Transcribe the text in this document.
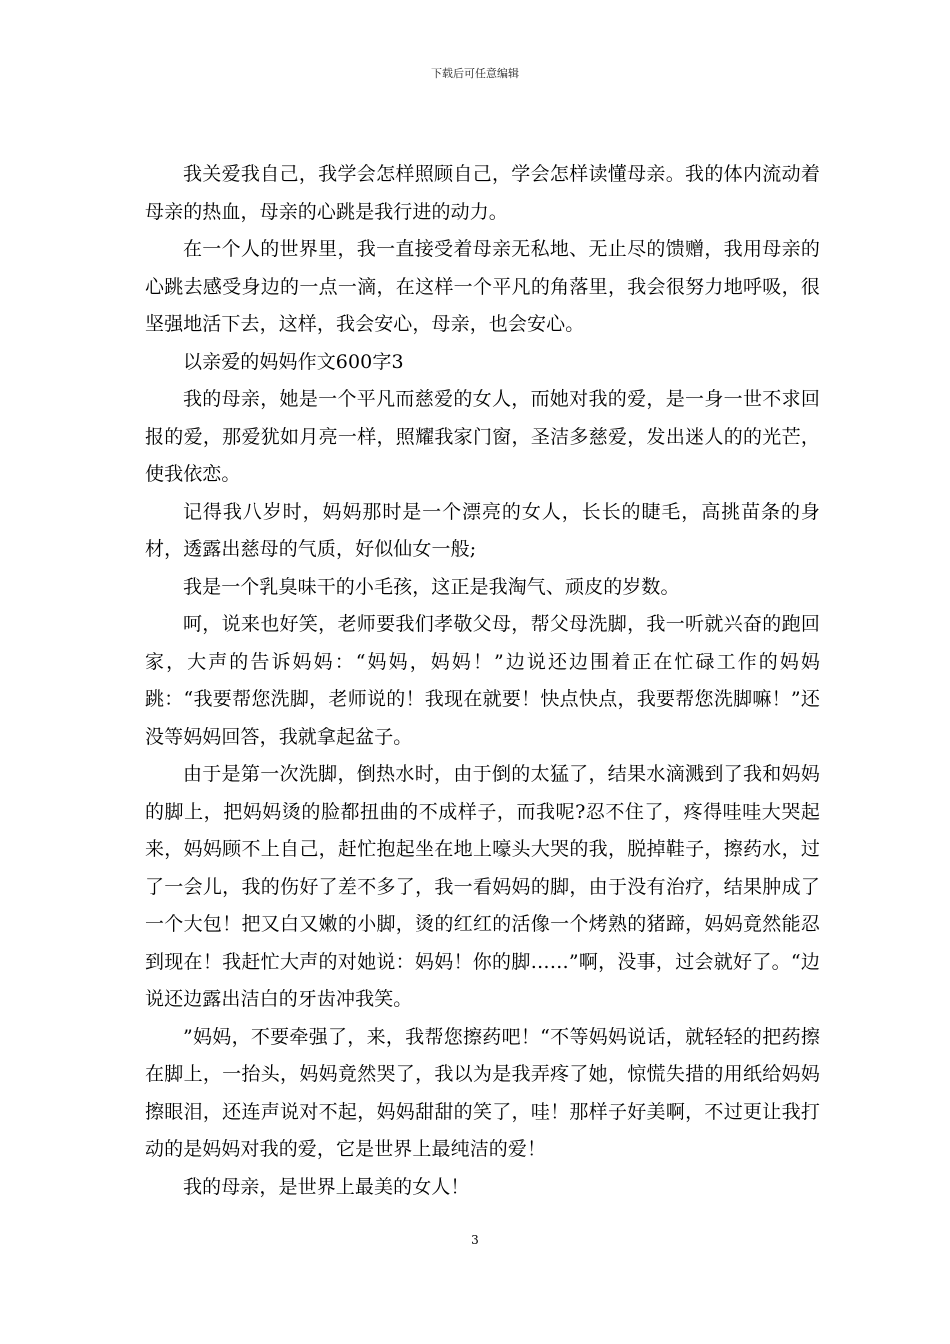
下载后可任意编辑

我关爱我自己，我学会怎样照顾自己，学会怎样读懂母亲。我的体内流动着母亲的热血，母亲的心跳是我行进的动力。

在一个人的世界里，我一直接受着母亲无私地、无止尽的馈赠，我用母亲的心跳去感受身边的一点一滴，在这样一个平凡的角落里，我会很努力地呼吸，很坚强地活下去，这样，我会安心，母亲，也会安心。

以亲爱的妈妈作文600字3

我的母亲，她是一个平凡而慈爱的女人，而她对我的爱，是一身一世不求回报的爱，那爱犹如月亮一样，照耀我家门窗，圣洁多慈爱，发出迷人的的光芒，使我依恋。

记得我八岁时，妈妈那时是一个漂亮的女人，长长的睫毛，高挑苗条的身材，透露出慈母的气质，好似仙女一般;

我是一个乳臭味干的小毛孩，这正是我淘气、顽皮的岁数。

呵，说来也好笑，老师要我们孝敬父母，帮父母洗脚，我一听就兴奋的跑回家，大声的告诉妈妈：“妈妈，妈妈！”边说还边围着正在忙碌工作的妈妈跳：“我要帮您洗脚，老师说的！我现在就要！快点快点，我要帮您洗脚嘛！”还没等妈妈回答，我就拿起盆子。

由于是第一次洗脚，倒热水时，由于倒的太猛了，结果水滴溅到了我和妈妈的脚上，把妈妈烫的脸都扭曲的不成样子，而我呢?忍不住了，疼得哇哇大哭起来，妈妈顾不上自己，赶忙抱起坐在地上嚎头大哭的我，脱掉鞋子，擦药水，过了一会儿，我的伤好了差不多了，我一看妈妈的脚，由于没有治疗，结果肿成了一个大包！把又白又嫩的小脚，烫的红红的活像一个烤熟的猪蹄，妈妈竟然能忍到现在！我赶忙大声的对她说：妈妈！你的脚……”啊，没事，过会就好了。“边说还边露出洁白的牙齿冲我笑。

”妈妈，不要牵强了，来，我帮您擦药吧！“不等妈妈说话，就轻轻的把药擦在脚上，一抬头，妈妈竟然哭了，我以为是我弄疼了她，惊慌失措的用纸给妈妈擦眼泪，还连声说对不起，妈妈甜甜的笑了，哇！那样子好美啊，不过更让我打动的是妈妈对我的爱，它是世界上最纯洁的爱！

我的母亲，是世界上最美的女人！

3
